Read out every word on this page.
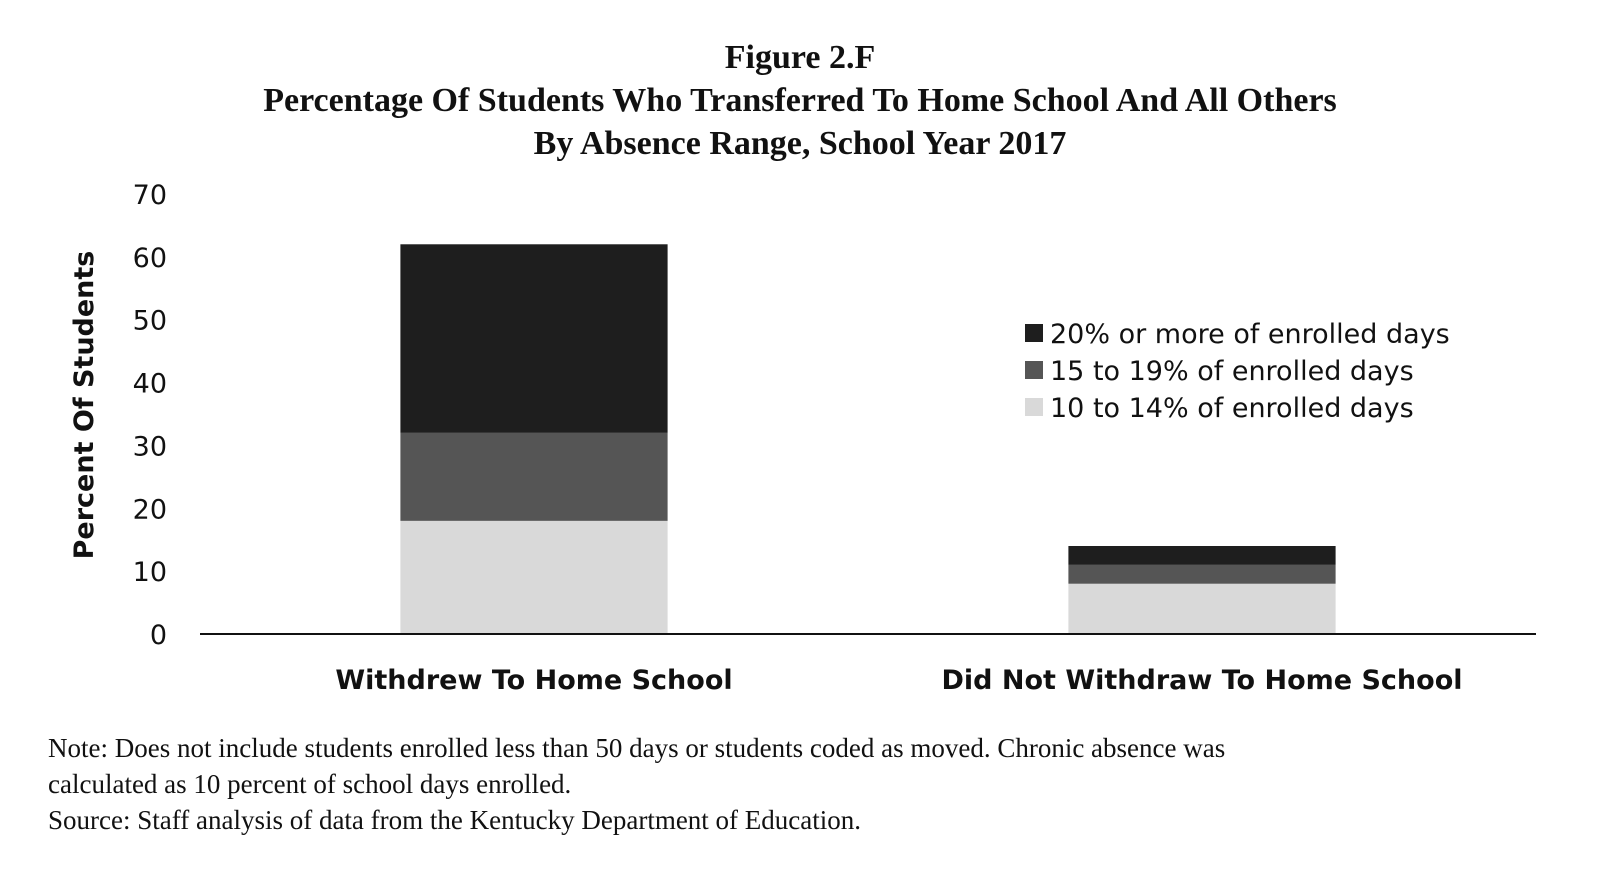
Figure 2.F
Percentage Of Students Who Transferred To Home School And All Others
By Absence Range, School Year 2017
0
10
20
30
40
50
60
70
Withdrew To Home School	Did Not Withdraw To Home School
Percent Of Students	20% or more of enrolled days
15 to 19% of enrolled days
10 to 14% of enrolled days
Note: Does not include students enrolled less than 50 days or students coded as moved. Chronic absence was
calculated as 10 percent of school days enrolled.
Source: Staff analysis of data from the Kentucky Department of Education.
